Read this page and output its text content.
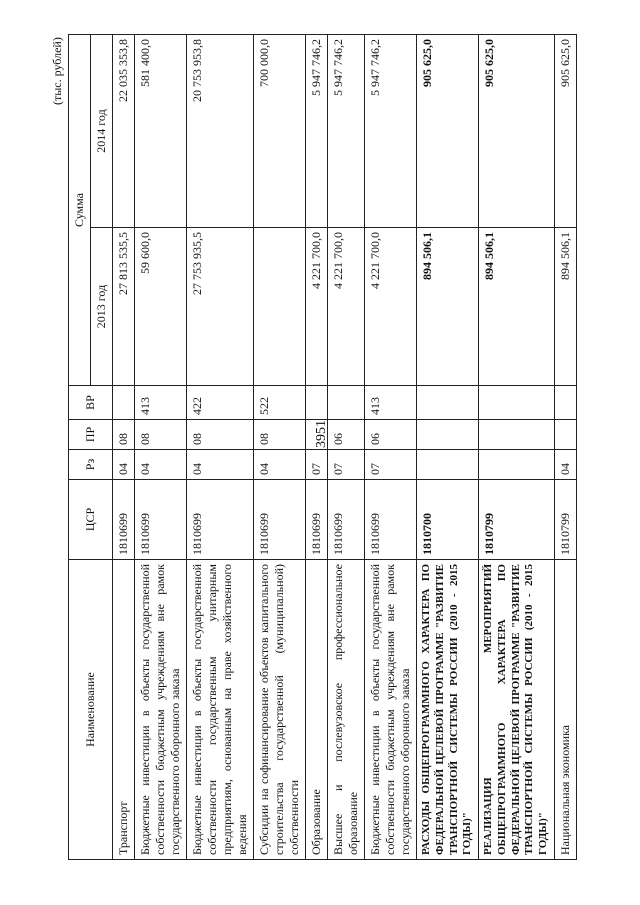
3951
(тыс. рублей)
Наименование	ЦСР	Рз	ПР	ВР	Сумма	
					2013 год	2014 год
Транспорт	1810699	04	08		27 813 535,5	22 035 353,8
Бюджетные инвестиции в объекты государственной собственности бюджетным учреждениям вне рамок государственного оборонного заказа	1810699	04	08	413	59 600,0	581 400,0
Бюджетные инвестиции в объекты государственной собственности государственным унитарным предприятиям, основанным на праве хозяйственного ведения	1810699	04	08	422	27 753 935,5	20 753 953,8
Субсидии на софинансирование объектов капитального строительства государственной (муниципальной) собственности	1810699	04	08	522		700 000,0
Образование	1810699	07			4 221 700,0	5 947 746,2
Высшее и послевузовское профессиональное образование	1810699	07	06		4 221 700,0	5 947 746,2
Бюджетные инвестиции в объекты государственной собственности бюджетным учреждениям вне рамок государственного оборонного заказа	1810699	07	06	413	4 221 700,0	5 947 746,2
РАСХОДЫ ОБЩЕПРОГРАММНОГО ХАРАКТЕРА ПО ФЕДЕРАЛЬНОЙ ЦЕЛЕВОЙ ПРОГРАММЕ "РАЗВИТИЕ ТРАНСПОРТНОЙ СИСТЕМЫ РОССИИ (2010 - 2015 ГОДЫ)"	1810700				894 506,1	905 625,0
РЕАЛИЗАЦИЯ МЕРОПРИЯТИЙ ОБЩЕПРОГРАММНОГО ХАРАКТЕРА ПО ФЕДЕРАЛЬНОЙ ЦЕЛЕВОЙ ПРОГРАММЕ "РАЗВИТИЕ ТРАНСПОРТНОЙ СИСТЕМЫ РОССИИ (2010 - 2015 ГОДЫ)"	1810799				894 506,1	905 625,0
Национальная экономика	1810799	04			894 506,1	905 625,0
